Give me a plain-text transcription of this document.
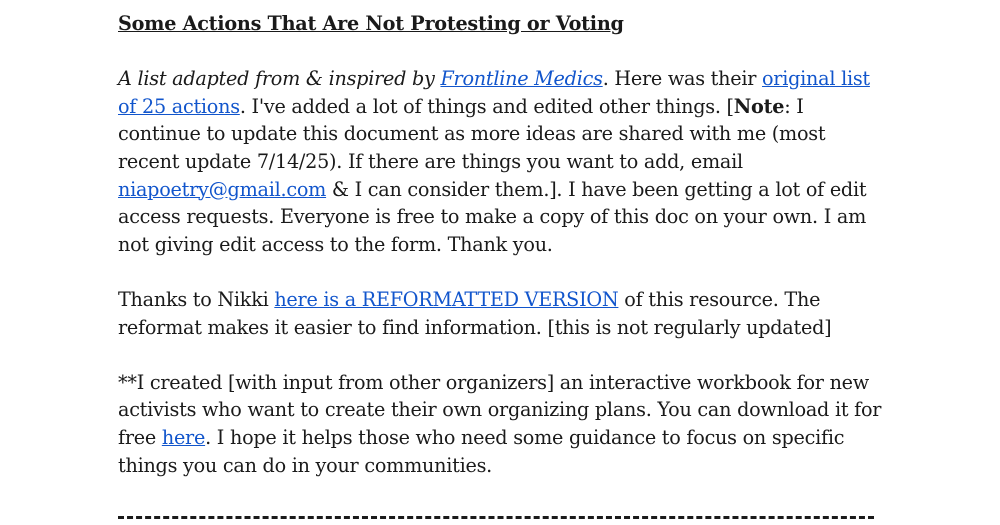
Some Actions That Are Not Protesting or Voting

A list adapted from & inspired by Frontline Medics. Here was their original list of 25 actions. I've added a lot of things and edited other things. [Note: I continue to update this document as more ideas are shared with me (most recent update 7/14/25). If there are things you want to add, email niapoetry@gmail.com & I can consider them.]. I have been getting a lot of edit access requests. Everyone is free to make a copy of this doc on your own. I am not giving edit access to the form. Thank you.

Thanks to Nikki here is a REFORMATTED VERSION of this resource. The reformat makes it easier to find information. [this is not regularly updated]

**I created [with input from other organizers] an interactive workbook for new activists who want to create their own organizing plans. You can download it for free here. I hope it helps those who need some guidance to focus on specific things you can do in your communities.
